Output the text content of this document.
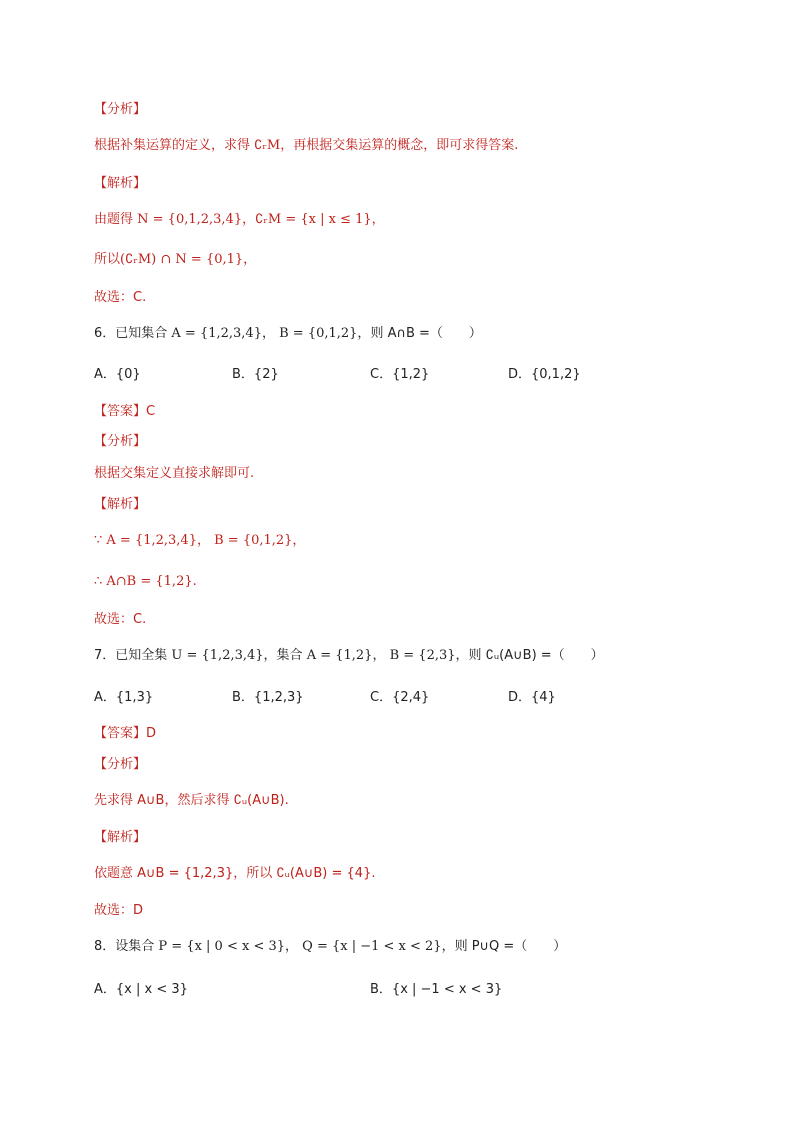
【分析】
根据补集运算的定义，求得 ∁ᵣM，再根据交集运算的概念，即可求得答案.
【解析】
由题得 N = {0,1,2,3,4}，∁ᵣM = {x | x ≤ 1}，
所以(∁ᵣM) ∩ N = {0,1}，
故选：C.
6．已知集合 A = {1,2,3,4}， B = {0,1,2}，则 A∩B =（　　）
A．{0}	B．{2}	C．{1,2}	D．{0,1,2}
【答案】C
【分析】
根据交集定义直接求解即可.
【解析】
∵ A = {1,2,3,4}， B = {0,1,2}，
∴ A∩B = {1,2}.
故选：C.
7．已知全集 U = {1,2,3,4}，集合 A = {1,2}， B = {2,3}，则 ∁ᵤ(A∪B) =（　　）
A．{1,3}	B．{1,2,3}	C．{2,4}	D．{4}
【答案】D
【分析】
先求得 A∪B，然后求得 ∁ᵤ(A∪B).
【解析】
依题意 A∪B = {1,2,3}，所以 ∁ᵤ(A∪B) = {4}.
故选：D
8．设集合 P = {x | 0 < x < 3}， Q = {x | −1 < x < 2}，则 P∪Q =（　　）
A．{x | x < 3}	B．{x | −1 < x < 3}
